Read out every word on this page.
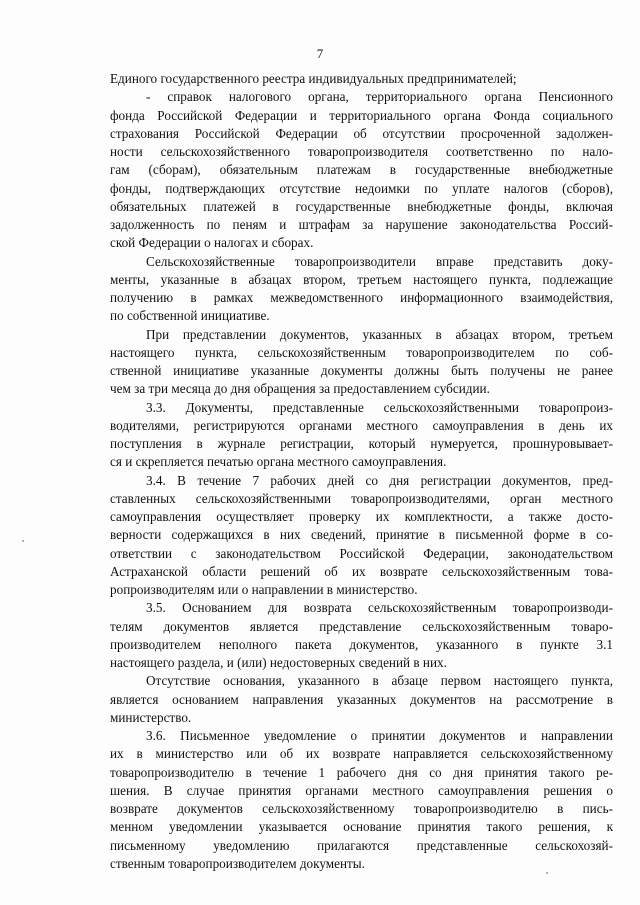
7
Единого государственного реестра индивидуальных предпринимателей;
- справок налогового органа, территориального органа Пенсионного
фонда Российской Федерации и территориального органа Фонда социального
страхования Российской Федерации об отсутствии просроченной задолжен-
ности сельскохозяйственного товаропроизводителя соответственно по нало-
гам (сборам), обязательным платежам в государственные внебюджетные
фонды, подтверждающих отсутствие недоимки по уплате налогов (сборов),
обязательных платежей в государственные внебюджетные фонды, включая
задолженность по пеням и штрафам за нарушение законодательства Россий-
ской Федерации о налогах и сборах.
Сельскохозяйственные товаропроизводители вправе представить доку-
менты, указанные в абзацах втором, третьем настоящего пункта, подлежащие
получению в рамках межведомственного информационного взаимодействия,
по собственной инициативе.
При представлении документов, указанных в абзацах втором, третьем
настоящего пункта, сельскохозяйственным товаропроизводителем по соб-
ственной инициативе указанные документы должны быть получены не ранее
чем за три месяца до дня обращения за предоставлением субсидии.
3.3. Документы, представленные сельскохозяйственными товаропроиз-
водителями, регистрируются органами местного самоуправления в день их
поступления в журнале регистрации, который нумеруется, прошнуровывает-
ся и скрепляется печатью органа местного самоуправления.
3.4. В течение 7 рабочих дней со дня регистрации документов, пред-
ставленных сельскохозяйственными товаропроизводителями, орган местного
самоуправления осуществляет проверку их комплектности, а также досто-
верности содержащихся в них сведений, принятие в письменной форме в со-
ответствии с законодательством Российской Федерации, законодательством
Астраханской области решений об их возврате сельскохозяйственным това-
ропроизводителям или о направлении в министерство.
3.5. Основанием для возврата сельскохозяйственным товаропроизводи-
телям документов является представление сельскохозяйственным товаро-
производителем неполного пакета документов, указанного в пункте 3.1
настоящего раздела, и (или) недостоверных сведений в них.
Отсутствие основания, указанного в абзаце первом настоящего пункта,
является основанием направления указанных документов на рассмотрение в
министерство.
3.6. Письменное уведомление о принятии документов и направлении
их в министерство или об их возврате направляется сельскохозяйственному
товаропроизводителю в течение 1 рабочего дня со дня принятия такого ре-
шения. В случае принятия органами местного самоуправления решения о
возврате документов сельскохозяйственному товаропроизводителю в пись-
менном уведомлении указывается основание принятия такого решения, к
письменному уведомлению прилагаются представленные сельскохозяй-
ственным товаропроизводителем документы.
